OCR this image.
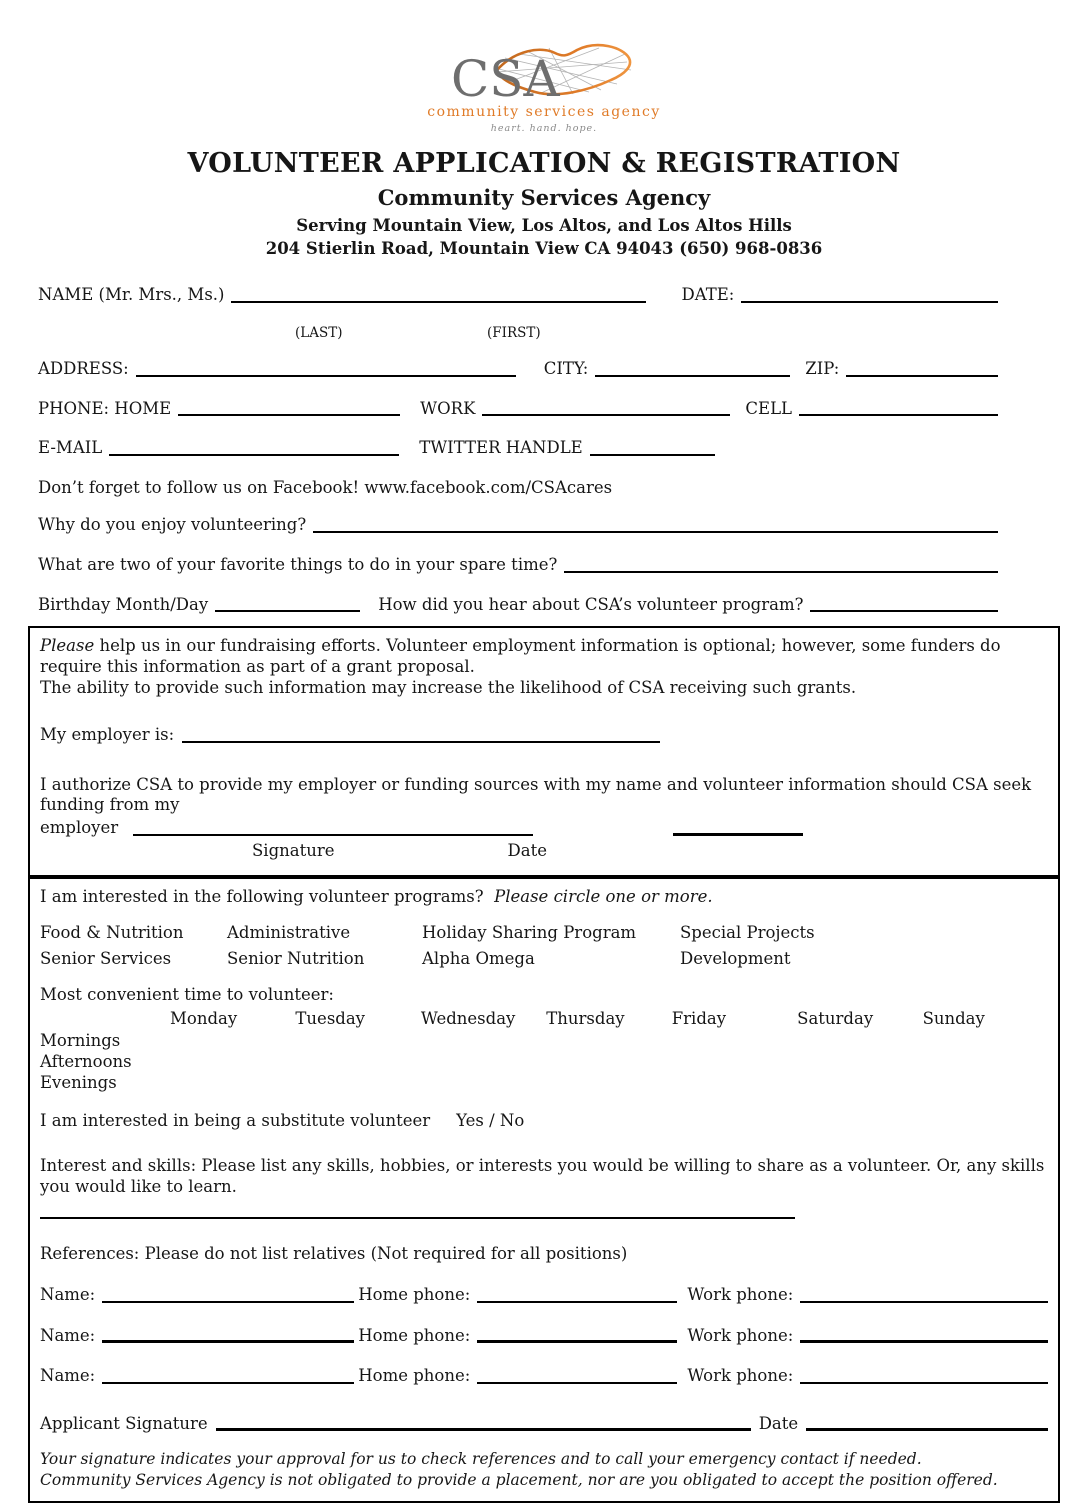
CSA
community services agency
heart. hand. hope.
VOLUNTEER APPLICATION & REGISTRATION
Community Services Agency
Serving Mountain View, Los Altos, and Los Altos Hills
204 Stierlin Road, Mountain View CA 94043 (650) 968-0836
NAME (Mr. Mrs., Ms.)	DATE:
(LAST)	(FIRST)
ADDRESS:	CITY:	ZIP:
PHONE: HOME	WORK	CELL
E-MAIL	TWITTER HANDLE
Don’t forget to follow us on Facebook! www.facebook.com/CSAcares
Why do you enjoy volunteering?
What are two of your favorite things to do in your spare time?
Birthday Month/Day	How did you hear about CSA’s volunteer program?

Please help us in our fundraising efforts. Volunteer employment information is optional; however, some funders do require this information as part of a grant proposal.

The ability to provide such information may increase the likelihood of CSA receiving such grants.

My employer is:

I authorize CSA to provide my employer or funding sources with my name and volunteer information should CSA seek funding from my

employer
Signature	Date

I am interested in the following volunteer programs? Please circle one or more.

Food & Nutrition	Administrative	Holiday Sharing Program	Special Projects
Senior Services	Senior Nutrition	Alpha Omega	Development

Most convenient time to volunteer:

Monday	Tuesday	Wednesday	Thursday	Friday	Saturday	Sunday
Mornings
Afternoons
Evenings
I am interested in being a substitute volunteer Yes / No

Interest and skills: Please list any skills, hobbies, or interests you would be willing to share as a volunteer. Or, any skills you would like to learn.

References: Please do not list relatives (Not required for all positions)

Name:	Home phone:	Work phone:
Name:	Home phone:	Work phone:
Name:	Home phone:	Work phone:
Applicant Signature	Date
Your signature indicates your approval for us to check references and to call your emergency contact if needed.
Community Services Agency is not obligated to provide a placement, nor are you obligated to accept the position offered.
